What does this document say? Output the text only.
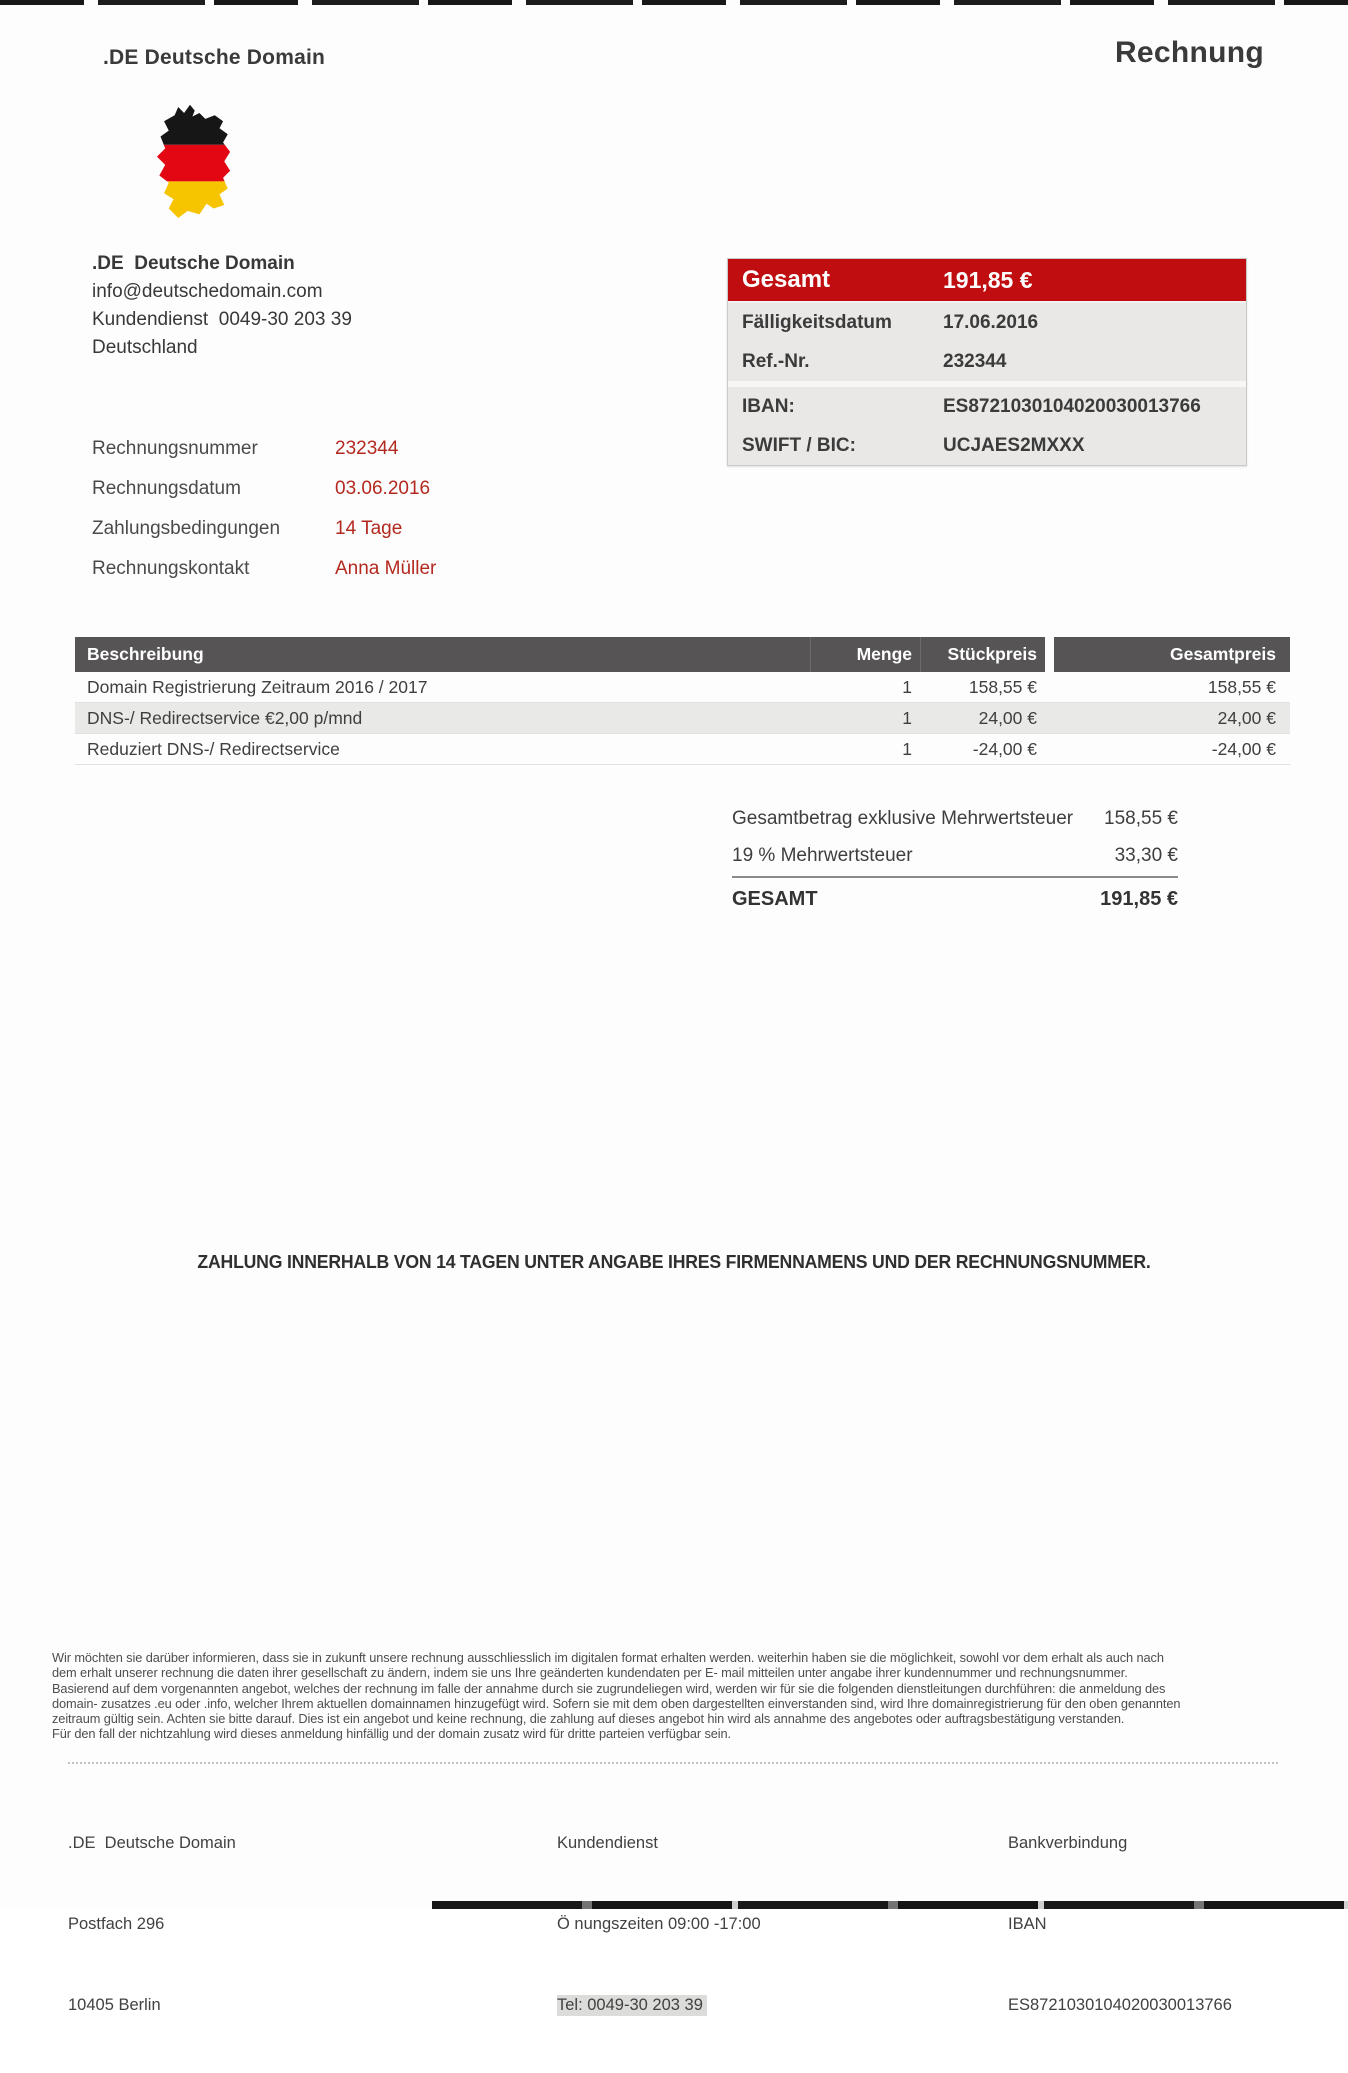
.DE Deutsche Domain	Rechnung
.DE  Deutsche Domain
info@deutschedomain.com
Kundendienst  0049-30 203 39
Deutschland
Rechnungsnummer	232344
Rechnungsdatum	03.06.2016
Zahlungsbedingungen	14 Tage
Rechnungskontakt	Anna Müller
Gesamt	191,85 €
Fälligkeitsdatum	17.06.2016
Ref.-Nr.	232344
IBAN:	ES8721030104020030013766
SWIFT / BIC:	UCJAES2MXXX
Beschreibung	Menge	Stückpreis	Gesamtpreis
Domain Registrierung Zeitraum 2016 / 2017	1	158,55 €	158,55 €
DNS-/ Redirectservice €2,00 p/mnd	1	24,00 €	24,00 €
Reduziert DNS-/ Redirectservice	1	-24,00 €	-24,00 €
Gesamtbetrag exklusive Mehrwertsteuer 158,55 €
19 % Mehrwertsteuer	33,30 €
GESAMT	191,85 €
ZAHLUNG INNERHALB VON 14 TAGEN UNTER ANGABE IHRES FIRMENNAMENS UND DER RECHNUNGSNUMMER.
Wir möchten sie darüber informieren, dass sie in zukunft unsere rechnung ausschliesslich im digitalen format erhalten werden. weiterhin haben sie die möglichkeit, sowohl vor dem erhalt als auch nach
dem erhalt unserer rechnung die daten ihrer gesellschaft zu ändern, indem sie uns Ihre geänderten kundendaten per E- mail mitteilen unter angabe ihrer kundennummer und rechnungsnummer.
Basierend auf dem vorgenannten angebot, welches der rechnung im falle der annahme durch sie zugrundeliegen wird, werden wir für sie die folgenden dienstleitungen durchführen: die anmeldung des
domain- zusatzes .eu oder .info, welcher Ihrem aktuellen domainnamen hinzugefügt wird. Sofern sie mit dem oben dargestellten einverstanden sind, wird Ihre domainregistrierung für den oben genannten
zeitraum gültig sein. Achten sie bitte darauf. Dies ist ein angebot und keine rechnung, die zahlung auf dieses angebot hin wird als annahme des angebotes oder auftragsbestätigung verstanden.
Für den fall der nichtzahlung wird dieses anmeldung hinfällig und der domain zusatz wird für dritte parteien verfügbar sein.

.DE  Deutsche Domain

Postfach 296

10405 Berlin

Kundendienst

Ö nungszeiten 09:00 -17:00

Tel: 0049-30 203 39

Bankverbindung

IBAN

ES8721030104020030013766
